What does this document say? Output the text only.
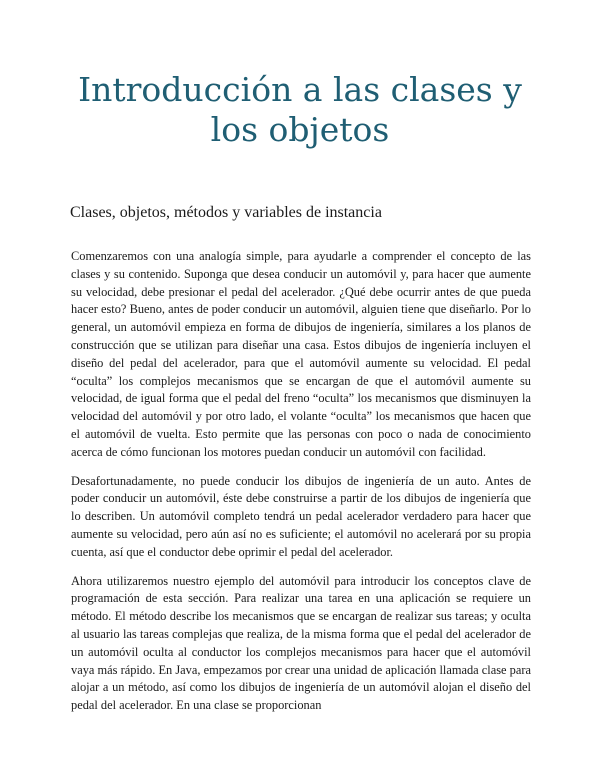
Introducción a las clases y los objetos
Clases, objetos, métodos y variables de instancia

Comenzaremos con una analogía simple, para ayudarle a comprender el concepto de las clases y su contenido. Suponga que desea conducir un automóvil y, para hacer que aumente su velocidad, debe presionar el pedal del acelerador. ¿Qué debe ocurrir antes de que pueda hacer esto? Bueno, antes de poder conducir un automóvil, alguien tiene que diseñarlo. Por lo general, un automóvil empieza en forma de dibujos de ingeniería, similares a los planos de construcción que se utilizan para diseñar una casa. Estos dibujos de ingeniería incluyen el diseño del pedal del acelerador, para que el automóvil aumente su velocidad. El pedal “oculta” los complejos mecanismos que se encargan de que el automóvil aumente su velocidad, de igual forma que el pedal del freno “oculta” los mecanismos que disminuyen la velocidad del automóvil y por otro lado, el volante “oculta” los mecanismos que hacen que el automóvil de vuelta. Esto permite que las personas con poco o nada de conocimiento acerca de cómo funcionan los motores puedan conducir un automóvil con facilidad.

Desafortunadamente, no puede conducir los dibujos de ingeniería de un auto. Antes de poder conducir un automóvil, éste debe construirse a partir de los dibujos de ingeniería que lo describen. Un automóvil completo tendrá un pedal acelerador verdadero para hacer que aumente su velocidad, pero aún así no es suficiente; el automóvil no acelerará por su propia cuenta, así que el conductor debe oprimir el pedal del acelerador.

Ahora utilizaremos nuestro ejemplo del automóvil para introducir los conceptos clave de programación de esta sección. Para realizar una tarea en una aplicación se requiere un método. El método describe los mecanismos que se encargan de realizar sus tareas; y oculta al usuario las tareas complejas que realiza, de la misma forma que el pedal del acelerador de un automóvil oculta al conductor los complejos mecanismos para hacer que el automóvil vaya más rápido. En Java, empezamos por crear una unidad de aplicación llamada clase para alojar a un método, así como los dibujos de ingeniería de un automóvil alojan el diseño del pedal del acelerador. En una clase se proporcionan
